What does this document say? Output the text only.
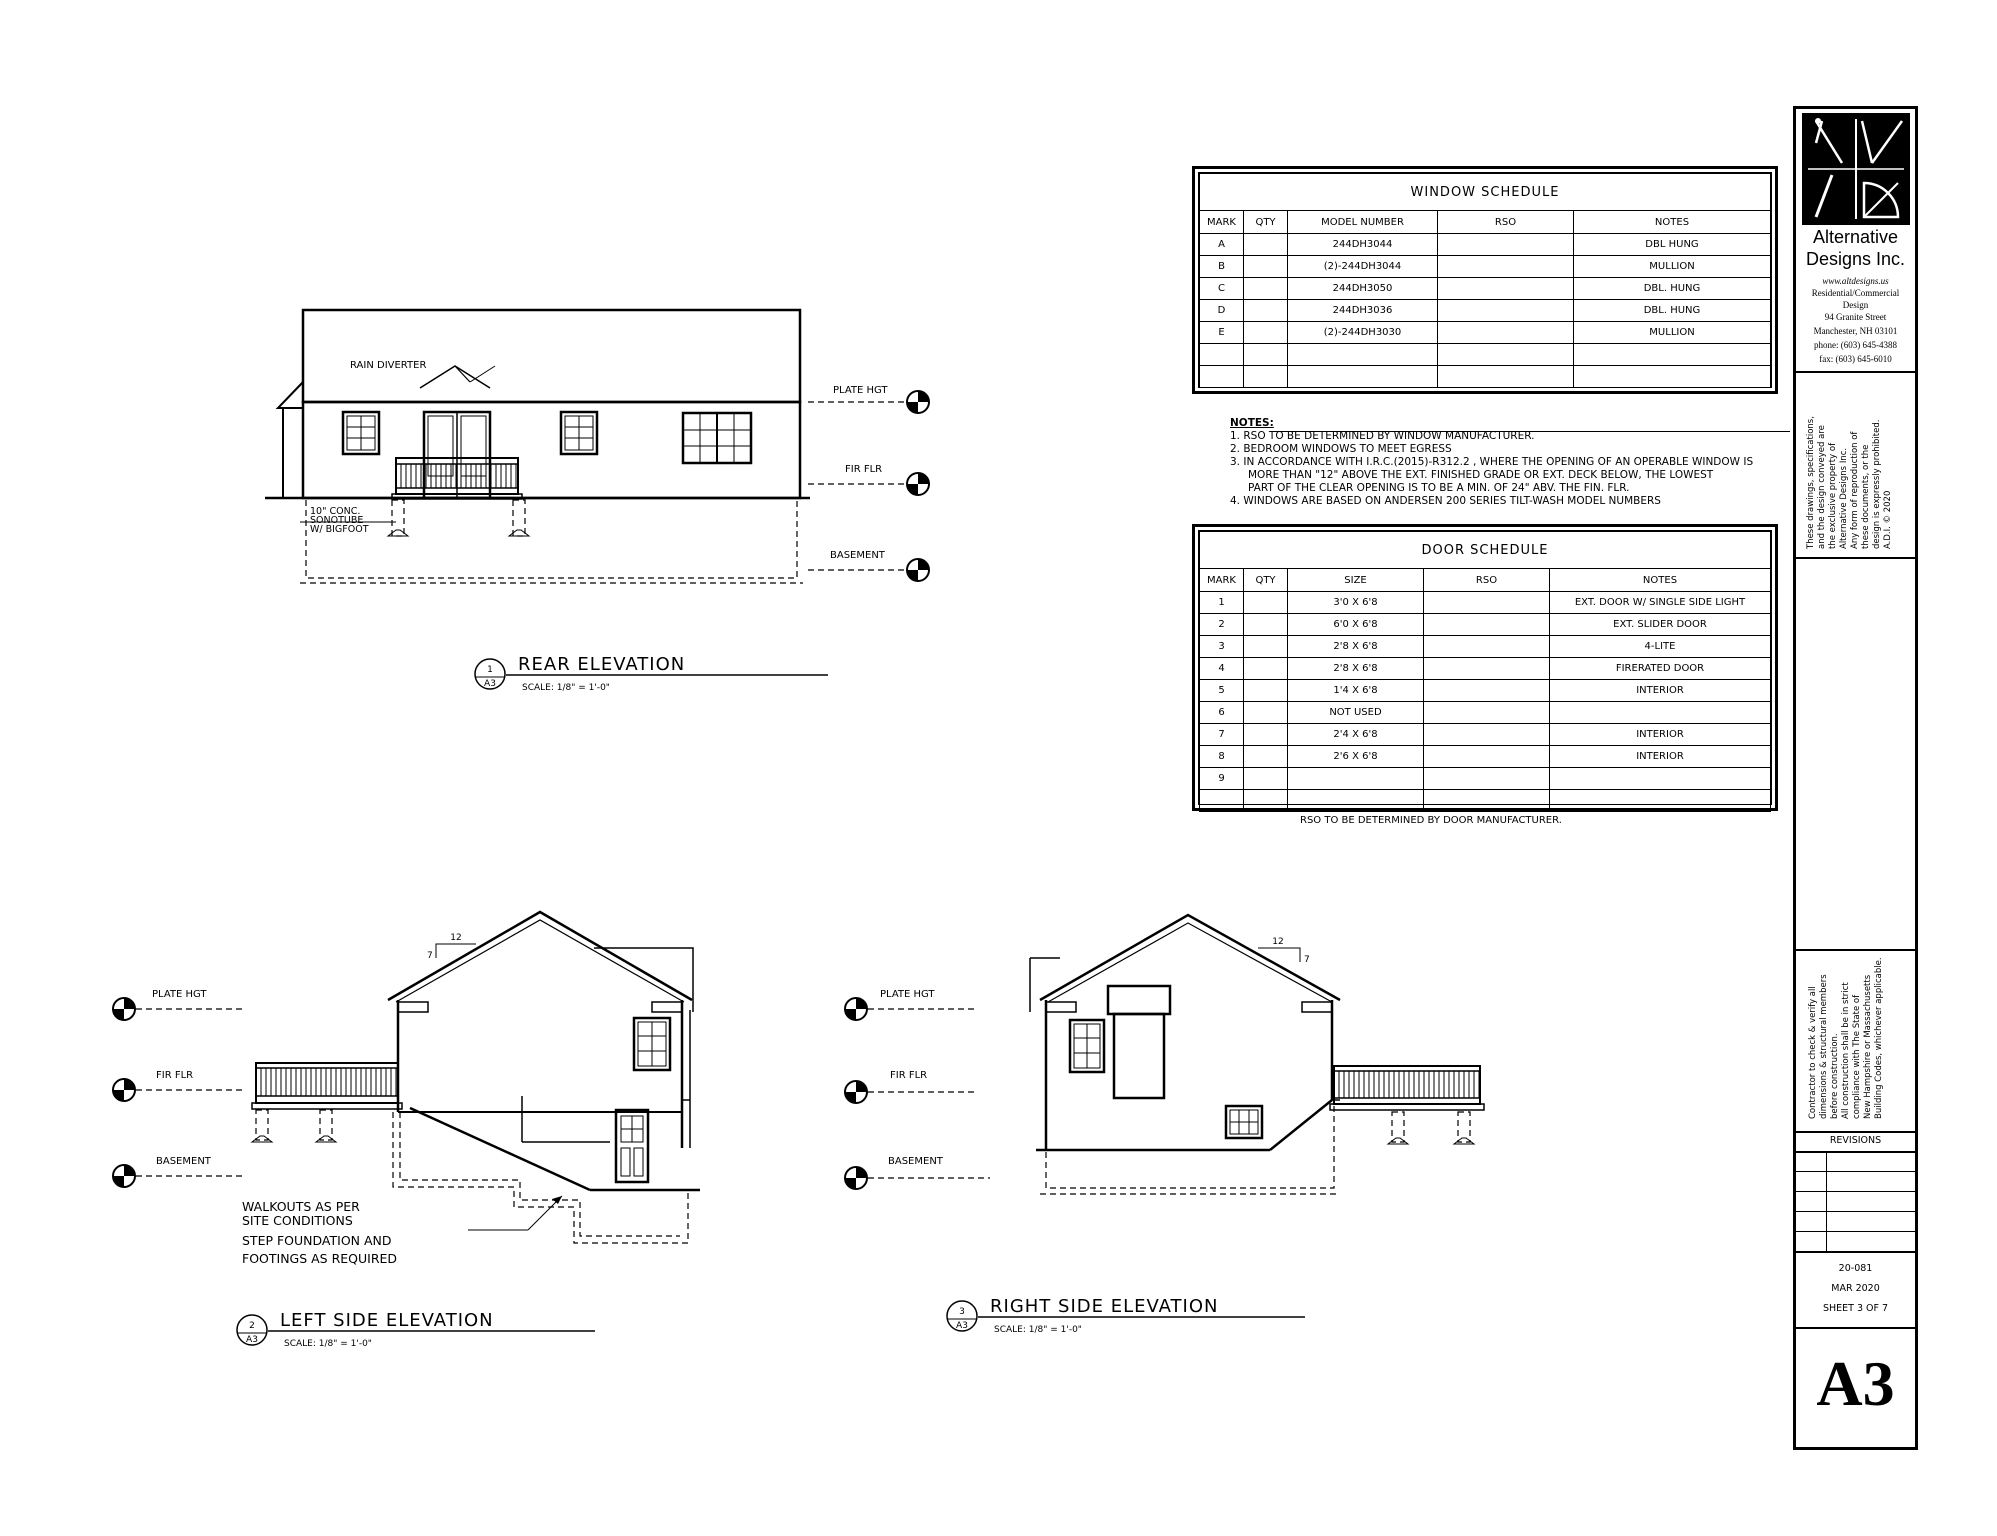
10" CONC.
SONOTUBE
W/ BIGFOOT
RAIN DIVERTER
PLATE HGT
FIR FLR
BASEMENT
1
A3
REAR ELEVATION
SCALE: 1/8" = 1'-0"
12
7
PLATE HGT
FIR FLR
BASEMENT
WALKOUTS AS PER
SITE CONDITIONS
STEP FOUNDATION AND
FOOTINGS AS REQUIRED
2
A3
LEFT SIDE ELEVATION
SCALE: 1/8" = 1'-0"
12
7
PLATE HGT
FIR FLR
BASEMENT
3
A3
RIGHT SIDE ELEVATION
SCALE: 1/8" = 1'-0"
WINDOW SCHEDULE				
MARK	QTY	MODEL NUMBER	RSO	NOTES
A		244DH3044		DBL HUNG
B		(2)-244DH3044		MULLION
C		244DH3050		DBL. HUNG
D		244DH3036		DBL. HUNG
E		(2)-244DH3030		MULLION

NOTES:
1. RSO TO BE DETERMINED BY WINDOW MANUFACTURER.
2. BEDROOM WINDOWS TO MEET EGRESS
3. IN ACCORDANCE WITH I.R.C.(2015)-R312.2 , WHERE THE OPENING OF AN OPERABLE WINDOW IS
MORE THAN "12" ABOVE THE EXT. FINISHED GRADE OR EXT. DECK BELOW, THE LOWEST
PART OF THE CLEAR OPENING IS TO BE A MIN. OF 24" ABV. THE FIN. FLR.
4. WINDOWS ARE BASED ON ANDERSEN 200 SERIES TILT-WASH MODEL NUMBERS
DOOR SCHEDULE				
MARK	QTY	SIZE	RSO	NOTES
1		3'0 X 6'8		EXT. DOOR W/ SINGLE SIDE LIGHT
2		6'0 X 6'8		EXT. SLIDER DOOR
3		2'8 X 6'8		4-LITE
4		2'8 X 6'8		FIRERATED DOOR
5		1'4 X 6'8		INTERIOR
6		NOT USED		
7		2'4 X 6'8		INTERIOR
8		2'6 X 6'8		INTERIOR
9				

RSO TO BE DETERMINED BY DOOR MANUFACTURER.
Alternative
Designs Inc.
www.altdesigns.us
Residential/Commercial
Design
94 Granite Street
Manchester, NH 03101
phone: (603) 645-4388
fax: (603) 645-6010
These drawings, specifications, and the design conveyed are the exclusive property of Alternative Designs Inc. Any form of reproduction of these documents, or the design is expressly prohibited. A.D.I. © 2020
Contractor to check & verify all dimensions & structural members before construction. All construction shall be in strict compliance with The State of New Hampshire or Massachusetts Building Codes, whichever applicable.
REVISIONS
20-081
MAR 2020
SHEET 3 OF 7
A3
